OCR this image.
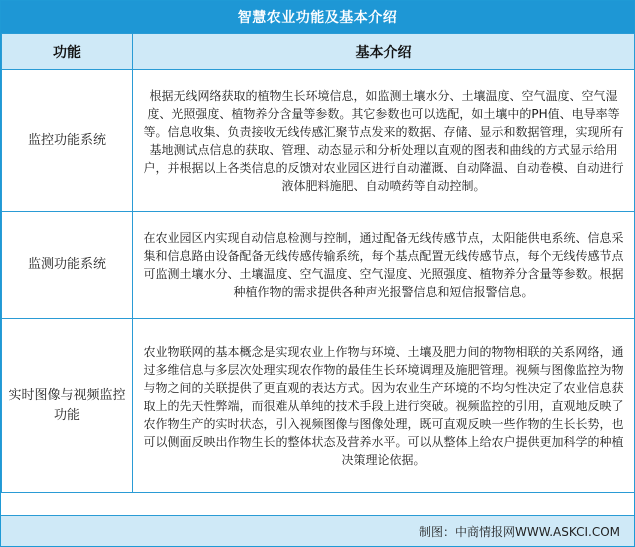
智慧农业功能及基本介绍
功能	基本介绍
监控功能系统	根据无线网络获取的植物生长环境信息，如监测土壤水分、土壤温度、空气温度、空气湿度、光照强度、植物养分含量等参数。其它参数也可以选配，如土壤中的PH值、电导率等等。信息收集、负责接收无线传感汇聚节点发来的数据、存储、显示和数据管理，实现所有基地测试点信息的获取、管理、动态显示和分析处理以直观的图表和曲线的方式显示给用户，并根据以上各类信息的反馈对农业园区进行自动灌溉、自动降温、自动卷模、自动进行液体肥料施肥、自动喷药等自动控制。
监测功能系统	在农业园区内实现自动信息检测与控制，通过配备无线传感节点，太阳能供电系统、信息采集和信息路由设备配备无线传感传输系统，每个基点配置无线传感节点，每个无线传感节点可监测土壤水分、土壤温度、空气温度、空气湿度、光照强度、植物养分含量等参数。根据种植作物的需求提供各种声光报警信息和短信报警信息。
实时图像与视频监控功能	农业物联网的基本概念是实现农业上作物与环境、土壤及肥力间的物物相联的关系网络，通过多维信息与多层次处理实现农作物的最佳生长环境调理及施肥管理。视频与图像监控为物与物之间的关联提供了更直观的表达方式。因为农业生产环境的不均匀性决定了农业信息获取上的先天性弊端，而很难从单纯的技术手段上进行突破。视频监控的引用，直观地反映了农作物生产的实时状态，引入视频图像与图像处理，既可直观反映一些作物的生长长势，也可以侧面反映出作物生长的整体状态及营养水平。可以从整体上给农户提供更加科学的种植决策理论依据。
制图：中商情报网WWW.ASKCI.COM
